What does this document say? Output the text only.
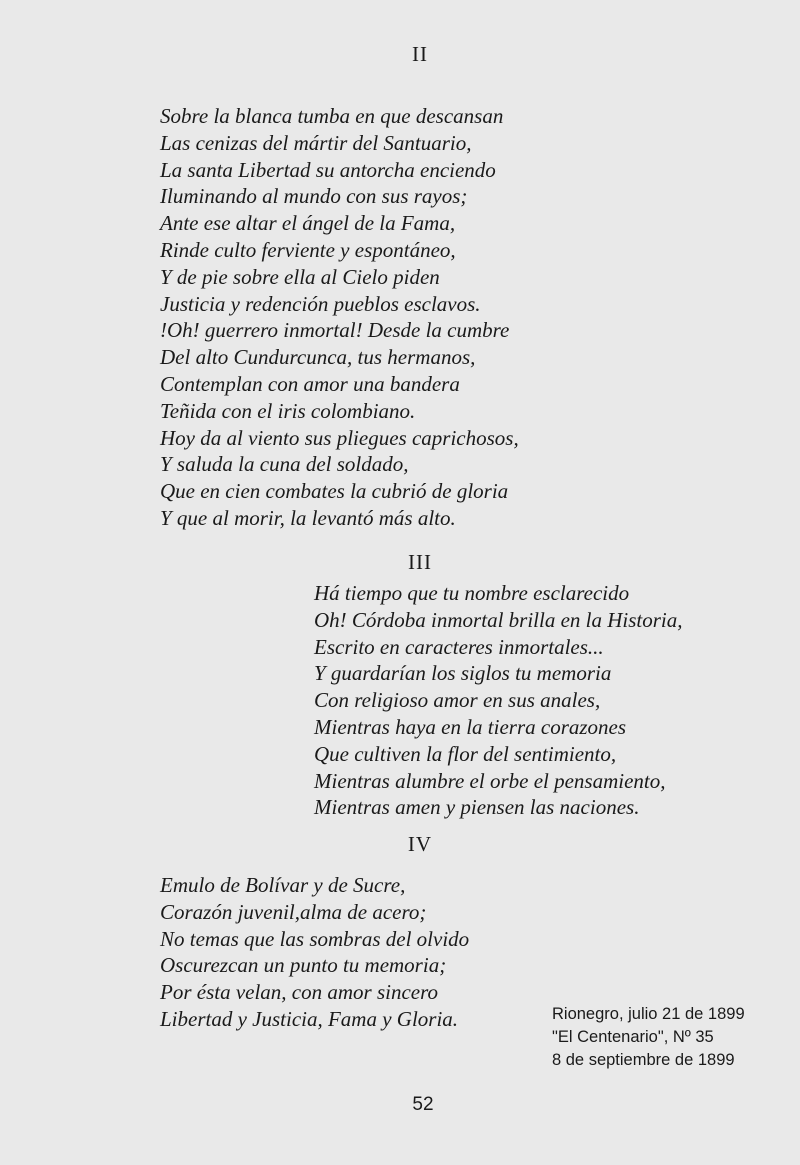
II
Sobre la blanca tumba en que descansan
Las cenizas del mártir del Santuario,
La santa Libertad su antorcha enciendo
Iluminando al mundo con sus rayos;
Ante ese altar el ángel de la Fama,
Rinde culto ferviente y espontáneo,
Y de pie sobre ella al Cielo piden
Justicia y redención pueblos esclavos.
!Oh! guerrero inmortal! Desde la cumbre
Del alto Cundurcunca, tus hermanos,
Contemplan con amor una bandera
Teñida con el iris colombiano.
Hoy da al viento sus pliegues caprichosos,
Y saluda la cuna del soldado,
Que en cien combates la cubrió de gloria
Y que al morir, la levantó más alto.
III
Há tiempo que tu nombre esclarecido
Oh! Córdoba inmortal brilla en la Historia,
Escrito en caracteres inmortales...
Y guardarían los siglos tu memoria
Con religioso amor en sus anales,
Mientras haya en la tierra corazones
Que cultiven la flor del sentimiento,
Mientras alumbre el orbe el pensamiento,
Mientras amen y piensen las naciones.
IV
Emulo de Bolívar y de Sucre,
Corazón juvenil,alma de acero;
No temas que las sombras del olvido
Oscurezcan un punto tu memoria;
Por ésta velan, con amor sincero
Libertad y Justicia, Fama y Gloria.	Rionegro, julio 21 de 1899
"El Centenario", Nº 35
8 de septiembre de 1899
52
